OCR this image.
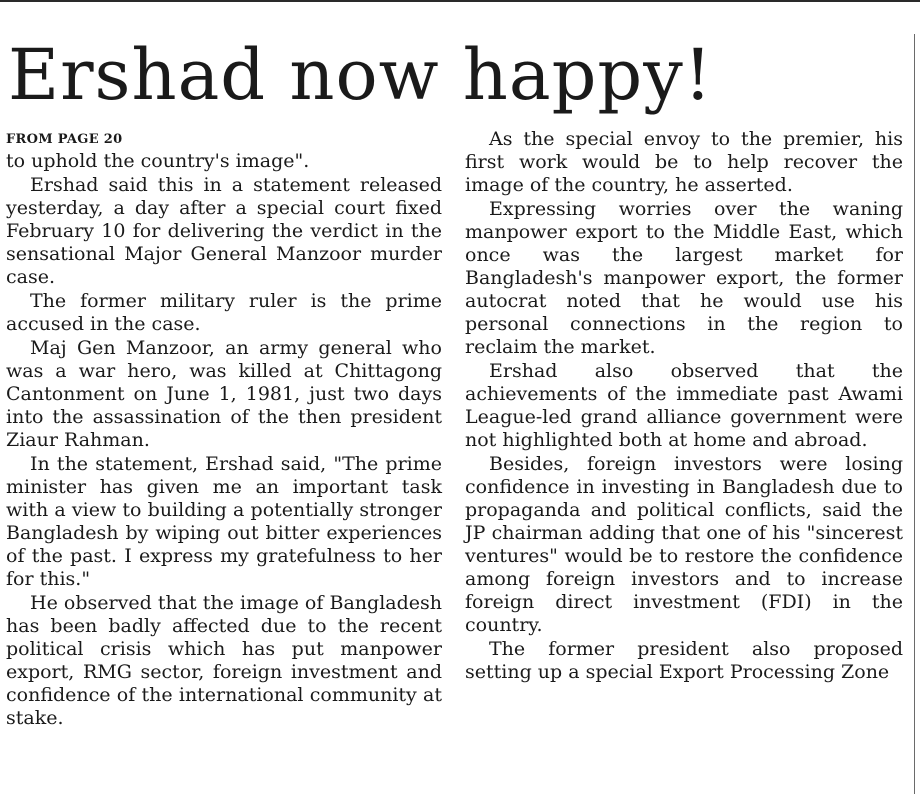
Ershad now happy!
FROM PAGE 20

to uphold the country's image".

Ershad said this in a statement released yesterday, a day after a special court fixed February 10 for delivering the verdict in the sensational Major General Manzoor murder case.

The former military ruler is the prime accused in the case.

Maj Gen Manzoor, an army general who was a war hero, was killed at Chittagong Cantonment on June 1, 1981, just two days into the assassination of the then president Ziaur Rahman.

In the statement, Ershad said, "The prime minister has given me an important task with a view to building a potentially stronger Bangladesh by wiping out bitter experiences of the past. I express my gratefulness to her for this."

He observed that the image of Bangladesh has been badly affected due to the recent political crisis which has put manpower export, RMG sector, foreign investment and confidence of the international community at stake.

As the special envoy to the premier, his first work would be to help recover the image of the country, he asserted.

Expressing worries over the waning manpower export to the Middle East, which once was the largest market for Bangladesh's manpower export, the former autocrat noted that he would use his personal connections in the region to reclaim the market.

Ershad also observed that the achievements of the immediate past Awami League-led grand alliance government were not highlighted both at home and abroad.

Besides, foreign investors were losing confidence in investing in Bangladesh due to propaganda and political conflicts, said the JP chairman adding that one of his "sincerest ventures" would be to restore the confidence among foreign investors and to increase foreign direct investment (FDI) in the country.

The former president also proposed setting up a special Export Processing Zone
